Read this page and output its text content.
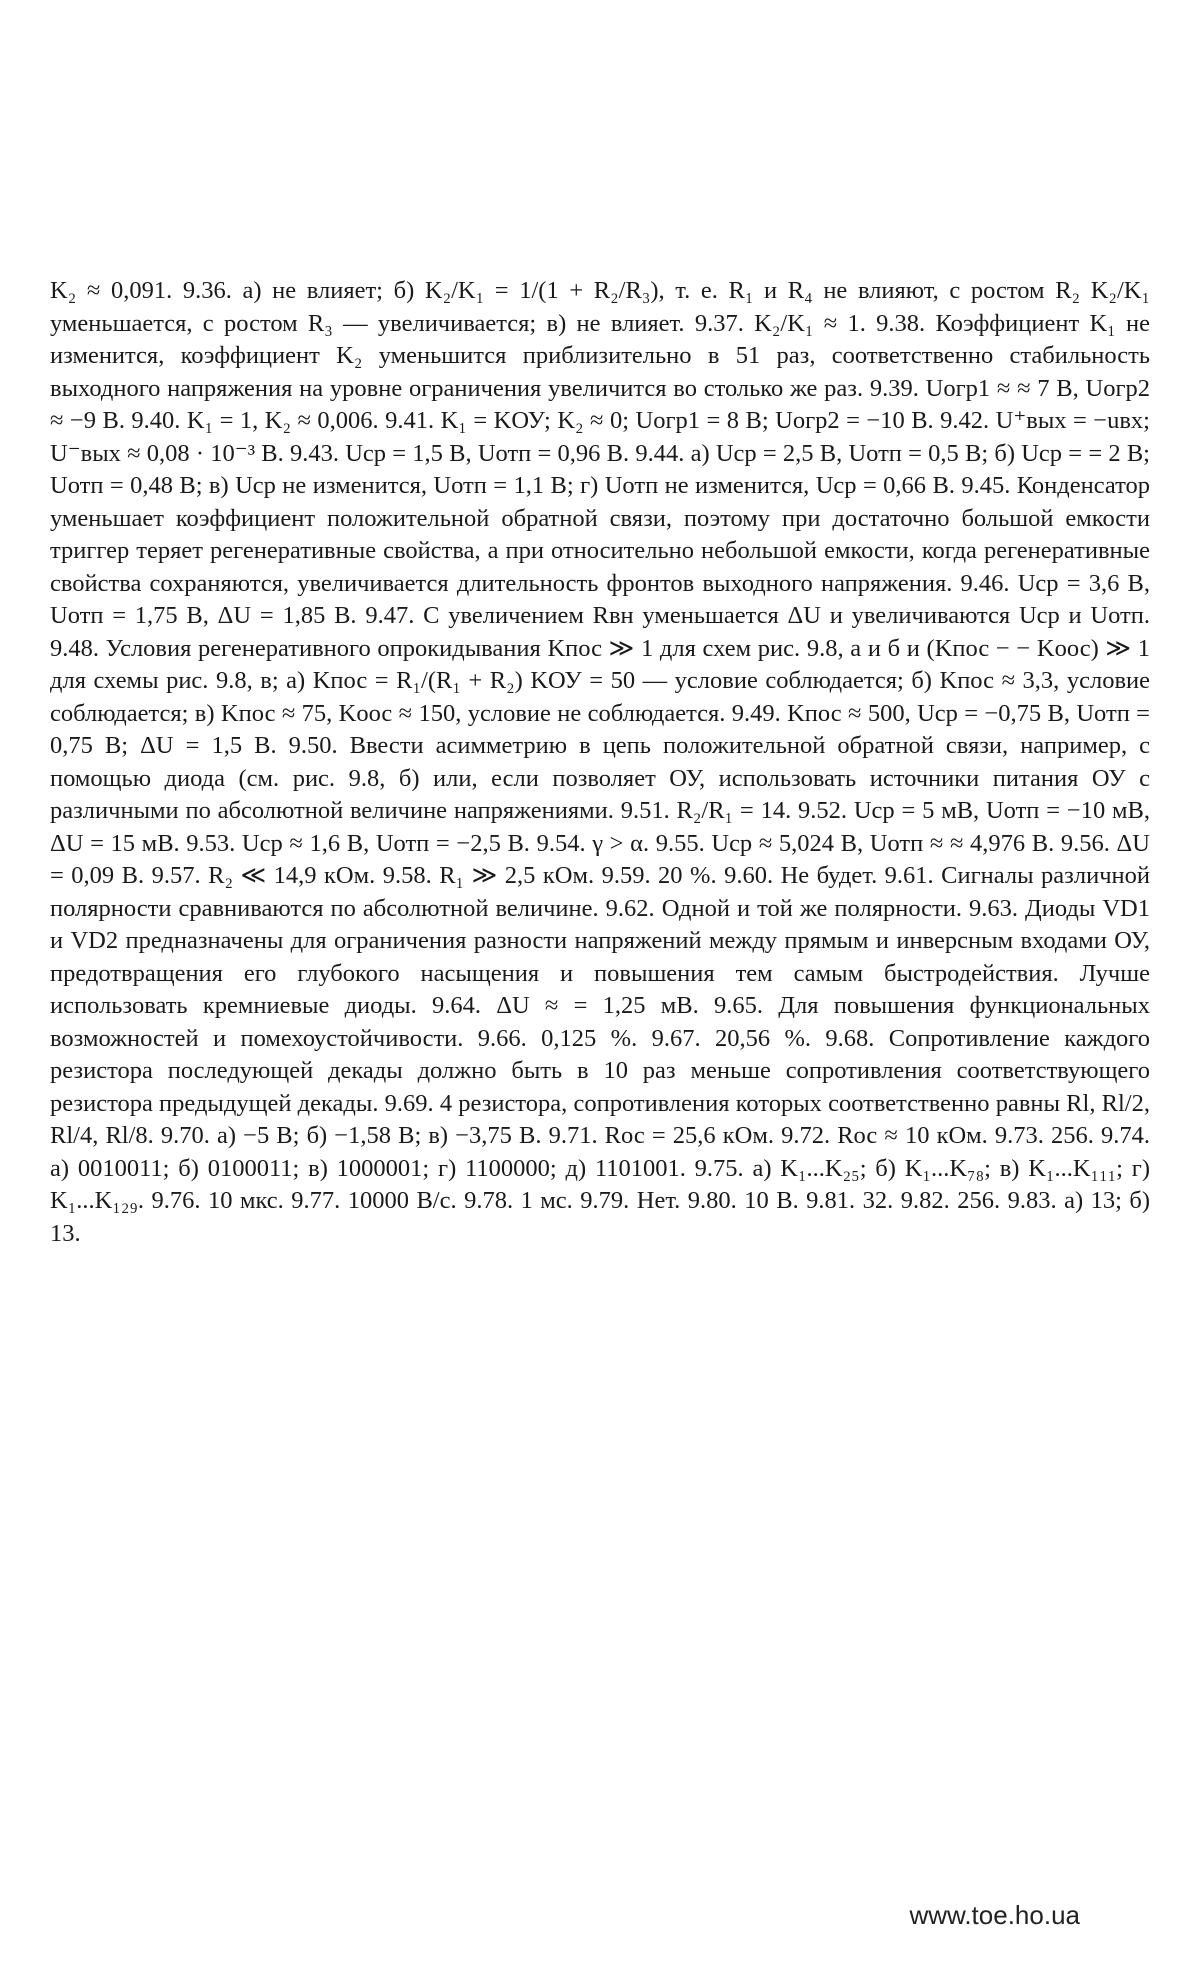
K₂ ≈ 0,091. 9.36. а) не влияет; б) K₂/K₁ = 1/(1 + R₂/R₃), т. е. R₁ и R₄ не влияют, с ростом R₂ K₂/K₁ уменьшается, с ростом R₃ — увеличивается; в) не влияет. 9.37. K₂/K₁ ≈ 1. 9.38. Коэффициент K₁ не изменится, коэффициент K₂ уменьшится приблизительно в 51 раз, соответственно стабильность выходного напряжения на уровне ограничения увеличится во столько же раз. 9.39. Uогр1 ≈ ≈ 7 В, Uогр2 ≈ −9 В. 9.40. K₁ = 1, K₂ ≈ 0,006. 9.41. K₁ = KОУ; K₂ ≈ 0; Uогр1 = 8 В; Uогр2 = −10 В. 9.42. U⁺вых = −uвх; U⁻вых ≈ 0,08 · 10⁻³ В. 9.43. Uср = 1,5 В, Uотп = 0,96 В. 9.44. а) Uср = 2,5 В, Uотп = 0,5 В; б) Uср = = 2 В; Uотп = 0,48 В; в) Uср не изменится, Uотп = 1,1 В; г) Uотп не изменится, Uср = 0,66 В. 9.45. Конденсатор уменьшает коэффициент положительной обратной связи, поэтому при достаточно большой емкости триггер теряет регенеративные свойства, а при относительно небольшой емкости, когда регенеративные свойства сохраняются, увеличивается длительность фронтов выходного напряжения. 9.46. Uср = 3,6 В, Uотп = 1,75 В, ΔU = 1,85 В. 9.47. С увеличением Rвн уменьшается ΔU и увеличиваются Uср и Uотп. 9.48. Условия регенеративного опрокидывания Kпос ≫ 1 для схем рис. 9.8, а и б и (Kпос − − Kоос) ≫ 1 для схемы рис. 9.8, в; а) Kпос = R₁/(R₁ + R₂) KОУ = 50 — условие соблюдается; б) Kпос ≈ 3,3, условие соблюдается; в) Kпос ≈ 75, Kоос ≈ 150, условие не соблюдается. 9.49. Kпос ≈ 500, Uср = −0,75 В, Uотп = 0,75 В; ΔU = 1,5 В. 9.50. Ввести асимметрию в цепь положительной обратной связи, например, с помощью диода (см. рис. 9.8, б) или, если позволяет ОУ, использовать источники питания ОУ с различными по абсолютной величине напряжениями. 9.51. R₂/R₁ = 14. 9.52. Uср = 5 мВ, Uотп = −10 мВ, ΔU = 15 мВ. 9.53. Uср ≈ 1,6 В, Uотп = −2,5 В. 9.54. γ > α. 9.55. Uср ≈ 5,024 В, Uотп ≈ ≈ 4,976 В. 9.56. ΔU = 0,09 В. 9.57. R₂ ≪ 14,9 кОм. 9.58. R₁ ≫ 2,5 кОм. 9.59. 20 %. 9.60. Не будет. 9.61. Сигналы различной полярности сравниваются по абсолютной величине. 9.62. Одной и той же полярности. 9.63. Диоды VD1 и VD2 предназначены для ограничения разности напряжений между прямым и инверсным входами ОУ, предотвращения его глубокого насыщения и повышения тем самым быстродействия. Лучше использовать кремниевые диоды. 9.64. ΔU ≈ = 1,25 мВ. 9.65. Для повышения функциональных возможностей и помехоустойчивости. 9.66. 0,125 %. 9.67. 20,56 %. 9.68. Сопротивление каждого резистора последующей декады должно быть в 10 раз меньше сопротивления соответствующего резистора предыдущей декады. 9.69. 4 резистора, сопротивления которых соответственно равны Rl, Rl/2, Rl/4, Rl/8. 9.70. а) −5 В; б) −1,58 В; в) −3,75 В. 9.71. Rос = 25,6 кОм. 9.72. Rос ≈ 10 кОм. 9.73. 256. 9.74. а) 0010011; б) 0100011; в) 1000001; г) 1100000; д) 1101001. 9.75. а) K₁...K₂₅; б) K₁...K₇₈; в) K₁...K₁₁₁; г) K₁...K₁₂₉. 9.76. 10 мкс. 9.77. 10000 В/с. 9.78. 1 мс. 9.79. Нет. 9.80. 10 В. 9.81. 32. 9.82. 256. 9.83. а) 13; б) 13.

www.toe.ho.ua
